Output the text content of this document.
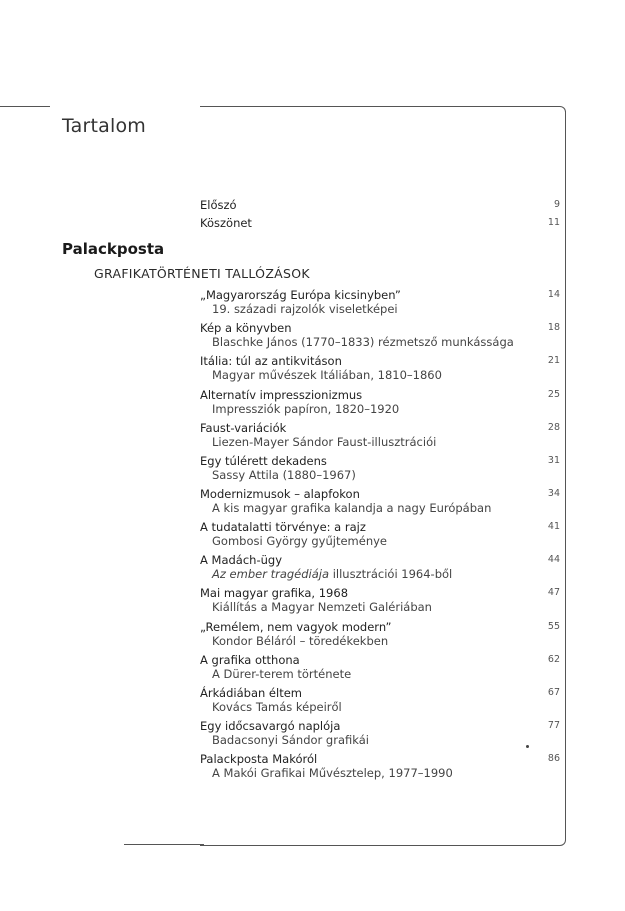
Tartalom
Előszó	9
Köszönet	11
Palackposta
GRAFIKATÖRTÉNETI TALLÓZÁSOK
„Magyarország Európa kicsinyben”
19. századi rajzolók viseletképei
14
Kép a könyvben
Blaschke János (1770–1833) rézmetsző munkássága
18
Itália: túl az antikvitáson
Magyar művészek Itáliában, 1810–1860
21
Alternatív impresszionizmus
Impressziók papíron, 1820–1920
25
Faust-variációk
Liezen-Mayer Sándor Faust-illusztrációi
28
Egy túlérett dekadens
Sassy Attila (1880–1967)
31
Modernizmusok – alapfokon
A kis magyar grafika kalandja a nagy Európában
34
A tudatalatti törvénye: a rajz
Gombosi György gyűjteménye
41
A Madách-ügy
Az ember tragédiája illusztrációi 1964-ből
44
Mai magyar grafika, 1968
Kiállítás a Magyar Nemzeti Galériában
47
„Remélem, nem vagyok modern”
Kondor Béláról – töredékekben
55
A grafika otthona
A Dürer-terem története
62
Árkádiában éltem
Kovács Tamás képeiről
67
Egy időcsavargó naplója
Badacsonyi Sándor grafikái
77
Palackposta Makóról
A Makói Grafikai Művésztelep, 1977–1990
86
